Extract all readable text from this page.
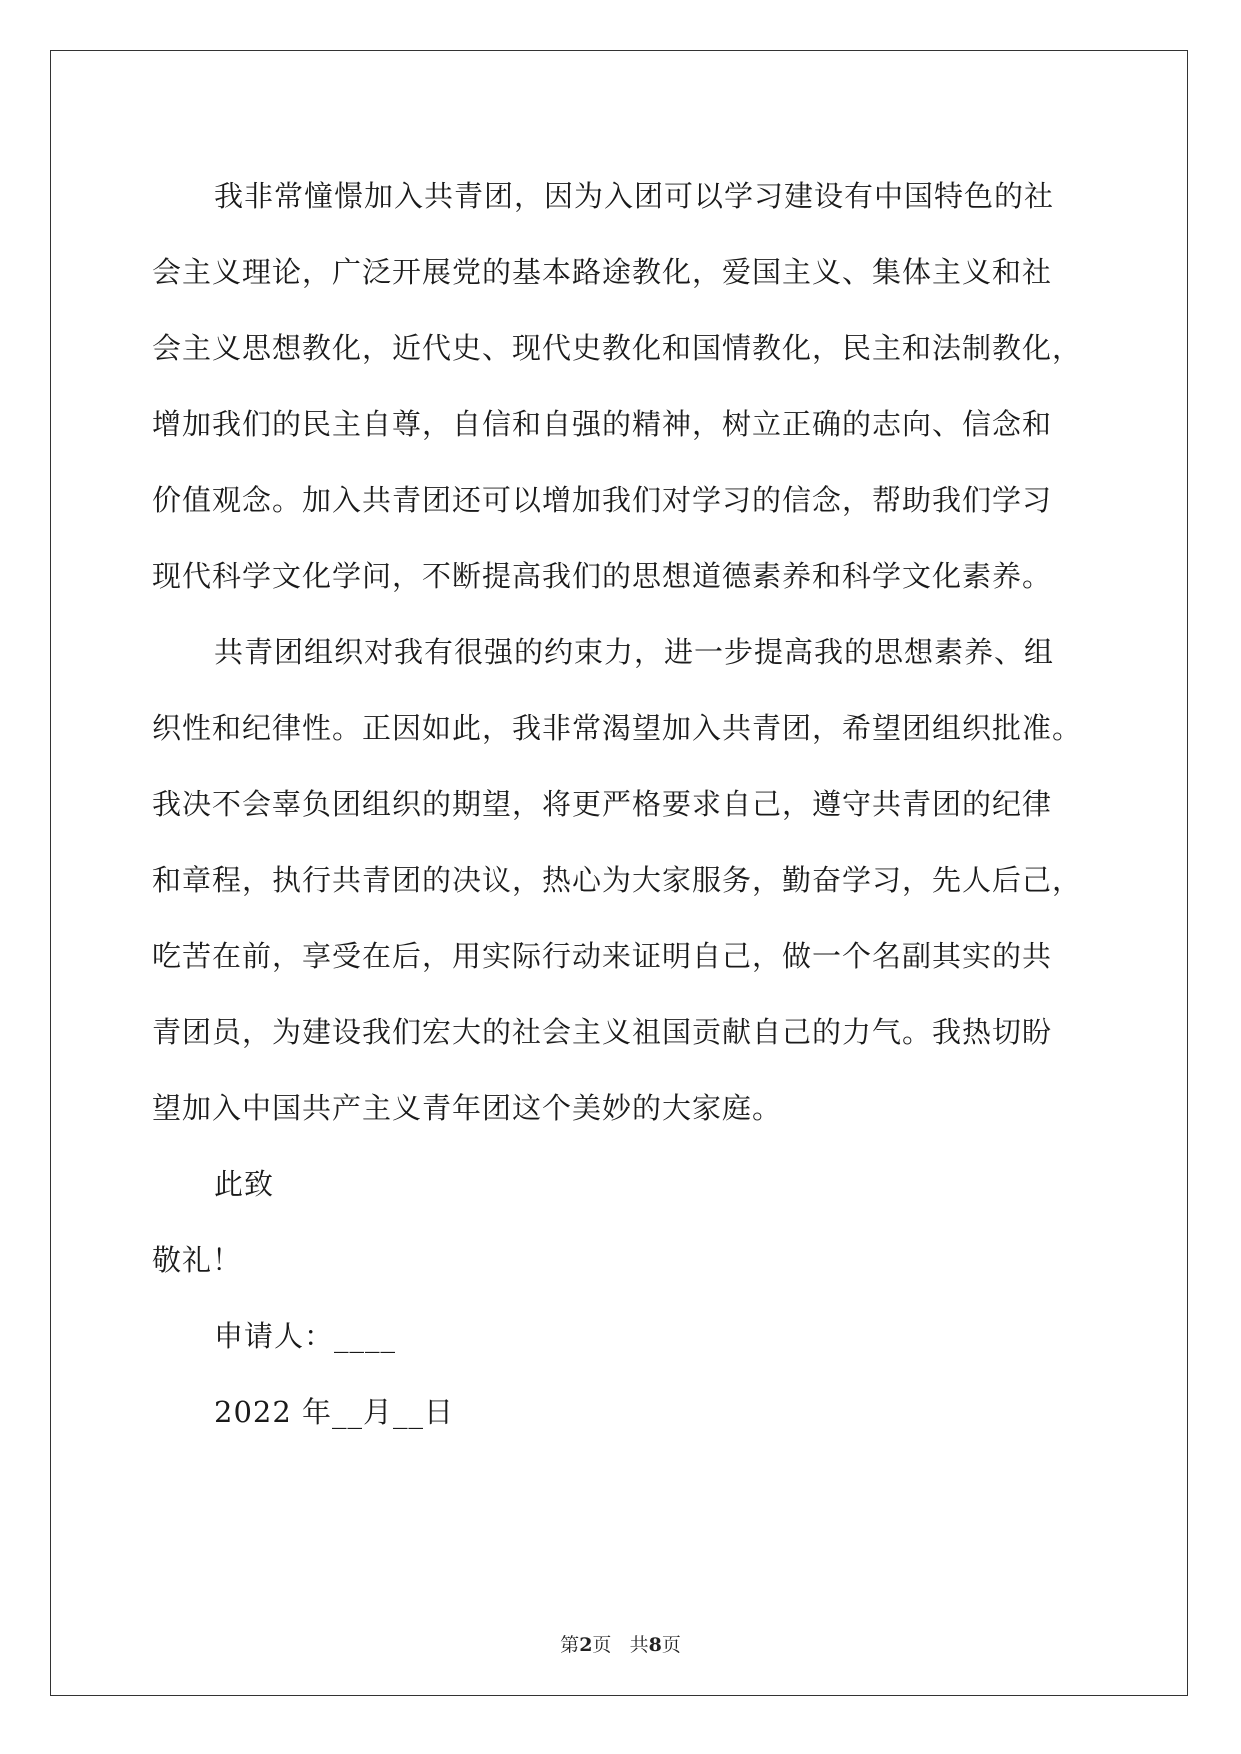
我非常憧憬加入共青团，因为入团可以学习建设有中国特色的社
会主义理论，广泛开展党的基本路途教化，爱国主义、集体主义和社
会主义思想教化，近代史、现代史教化和国情教化，民主和法制教化，
增加我们的民主自尊，自信和自强的精神，树立正确的志向、信念和
价值观念。加入共青团还可以增加我们对学习的信念，帮助我们学习
现代科学文化学问，不断提高我们的思想道德素养和科学文化素养。
共青团组织对我有很强的约束力，进一步提高我的思想素养、组
织性和纪律性。正因如此，我非常渴望加入共青团，希望团组织批准。
我决不会辜负团组织的期望，将更严格要求自己，遵守共青团的纪律
和章程，执行共青团的决议，热心为大家服务，勤奋学习，先人后己，
吃苦在前，享受在后，用实际行动来证明自己，做一个名副其实的共
青团员，为建设我们宏大的社会主义祖国贡献自己的力气。我热切盼
望加入中国共产主义青年团这个美妙的大家庭。
此致
敬礼！
申请人：____
2022 年__月__日
第2页 共8页
